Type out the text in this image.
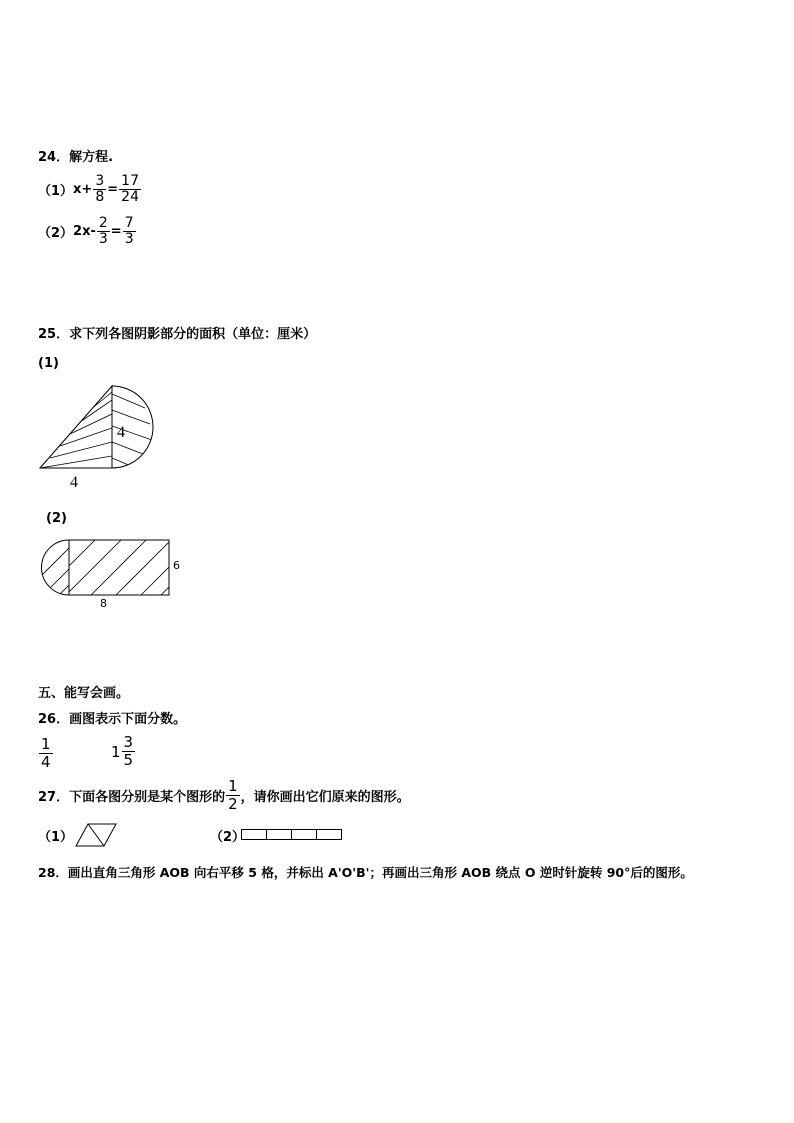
24．解方程.
（1） $x+ \frac{3}{8} = \frac{17}{24}$
（2） $2x- \frac{2}{3} = \frac{7}{3}$
25．求下列各图阴影部分的面积（单位：厘米）
(1)
4
4
(2)
6
8
五、能写会画。
26．画图表示下面分数。
$\frac{1}{4}$	$1 \frac{3}{5}$
27．下面各图分别是某个图形的 $\frac{1}{2}$ ，请你画出它们原来的图形。
（1）	（2）
28．画出直角三角形 AOB 向右平移 5 格，并标出 A'O'B'；再画出三角形 AOB 绕点 O 逆时针旋转 90°后的图形。
